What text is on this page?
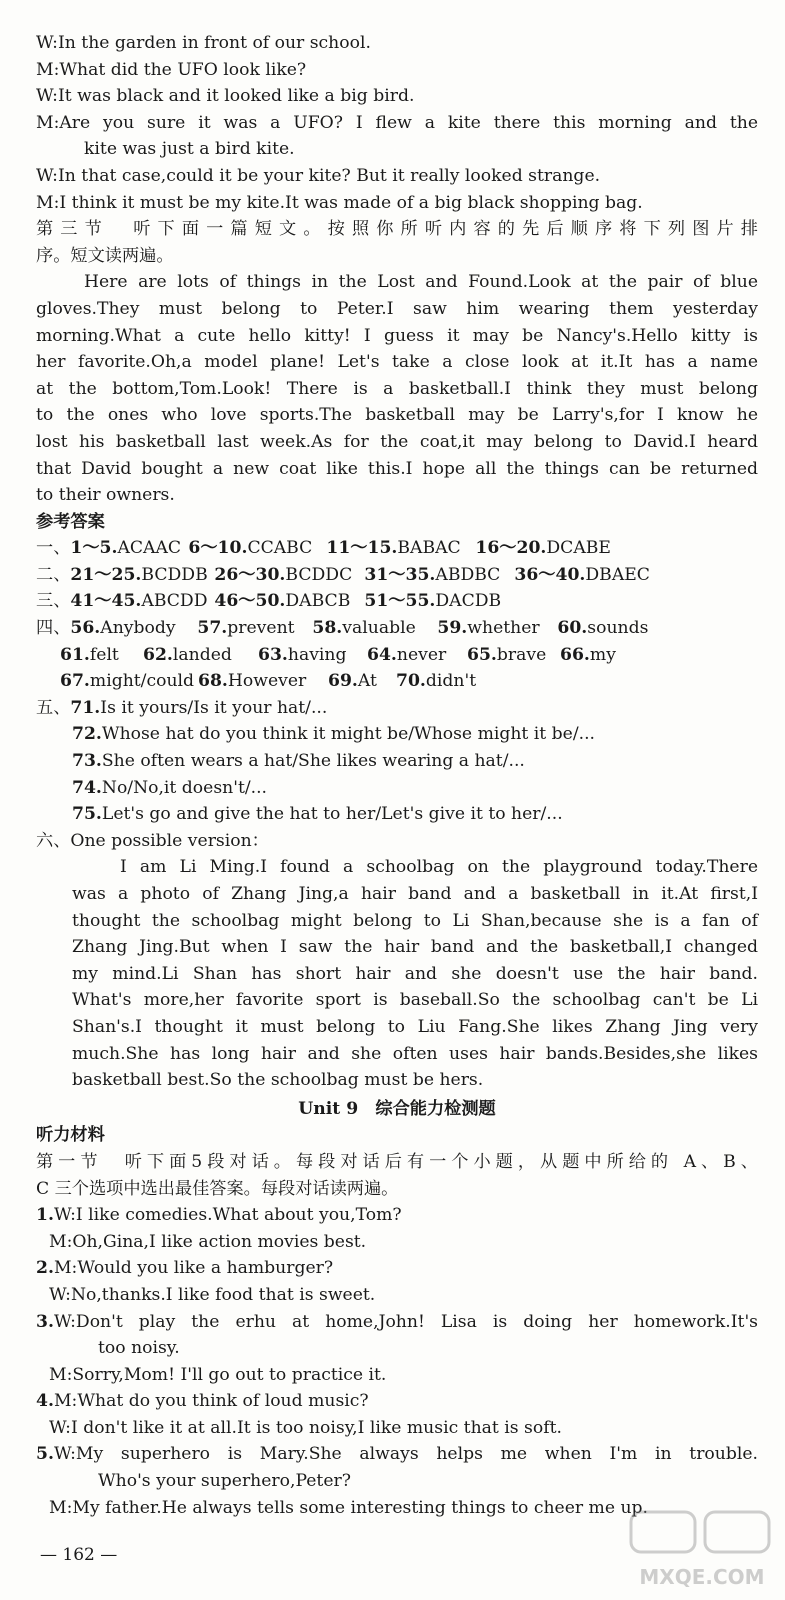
W:In the garden in front of our school.
M:What did the UFO look like?
W:It was black and it looked like a big bird.
M:Are you sure it was a UFO? I flew a kite there this morning and the
kite was just a bird kite.
W:In that case,could it be your kite? But it really looked strange.
M:I think it must be my kite.It was made of a big black shopping bag.
第三节　听下面一篇短文。按照你所听内容的先后顺序将下列图片排
序。短文读两遍。
Here are lots of things in the Lost and Found.Look at the pair of blue
gloves.They must belong to Peter.I saw him wearing them yesterday
morning.What a cute hello kitty! I guess it may be Nancy's.Hello kitty is
her favorite.Oh,a model plane! Let's take a close look at it.It has a name
at the bottom,Tom.Look! There is a basketball.I think they must belong
to the ones who love sports.The basketball may be Larry's,for I know he
lost his basketball last week.As for the coat,it may belong to David.I heard
that David bought a new coat like this.I hope all the things can be returned
to their owners.
参考答案
一、 1～5.ACAAC 6～10.CCABC 11～15.BABAC 16～20.DCABE
二、 21～25.BCDDB 26～30.BCDDC 31～35.ABDBC 36～40.DBAEC
三、 41～45.ABCDD 46～50.DABCB 51～55.DACDB
四、 56.Anybody	57.prevent	58.valuable	59.whether	60.sounds
61.felt	62.landed	63.having	64.never	65.brave 66.my
67.might/could 68.However	69.At	70.didn't
五、71.Is it yours/Is it your hat/...
72.Whose hat do you think it might be/Whose might it be/...
73.She often wears a hat/She likes wearing a hat/...
74.No/No,it doesn't/...
75.Let's go and give the hat to her/Let's give it to her/...
六、One possible version：
I am Li Ming.I found a schoolbag on the playground today.There
was a photo of Zhang Jing,a hair band and a basketball in it.At first,I
thought the schoolbag might belong to Li Shan,because she is a fan of
Zhang Jing.But when I saw the hair band and the basketball,I changed
my mind.Li Shan has short hair and she doesn't use the hair band.
What's more,her favorite sport is baseball.So the schoolbag can't be Li
Shan's.I thought it must belong to Liu Fang.She likes Zhang Jing very
much.She has long hair and she often uses hair bands.Besides,she likes
basketball best.So the schoolbag must be hers.
Unit 9　综合能力检测题
听力材料
第一节　听下面5段对话。每段对话后有一个小题，从题中所给的 A、B、
C 三个选项中选出最佳答案。每段对话读两遍。
1.W:I like comedies.What about you,Tom?
M:Oh,Gina,I like action movies best.
2.M:Would you like a hamburger?
W:No,thanks.I like food that is sweet.
3.W:Don't play the erhu at home,John! Lisa is doing her homework.It's
too noisy.
M:Sorry,Mom! I'll go out to practice it.
4.M:What do you think of loud music?
W:I don't like it at all.It is too noisy,I like music that is soft.
5.W:My superhero is Mary.She always helps me when I'm in trouble.
Who's your superhero,Peter?
M:My father.He always tells some interesting things to cheer me up.
— 162 —
MXQE.COM
